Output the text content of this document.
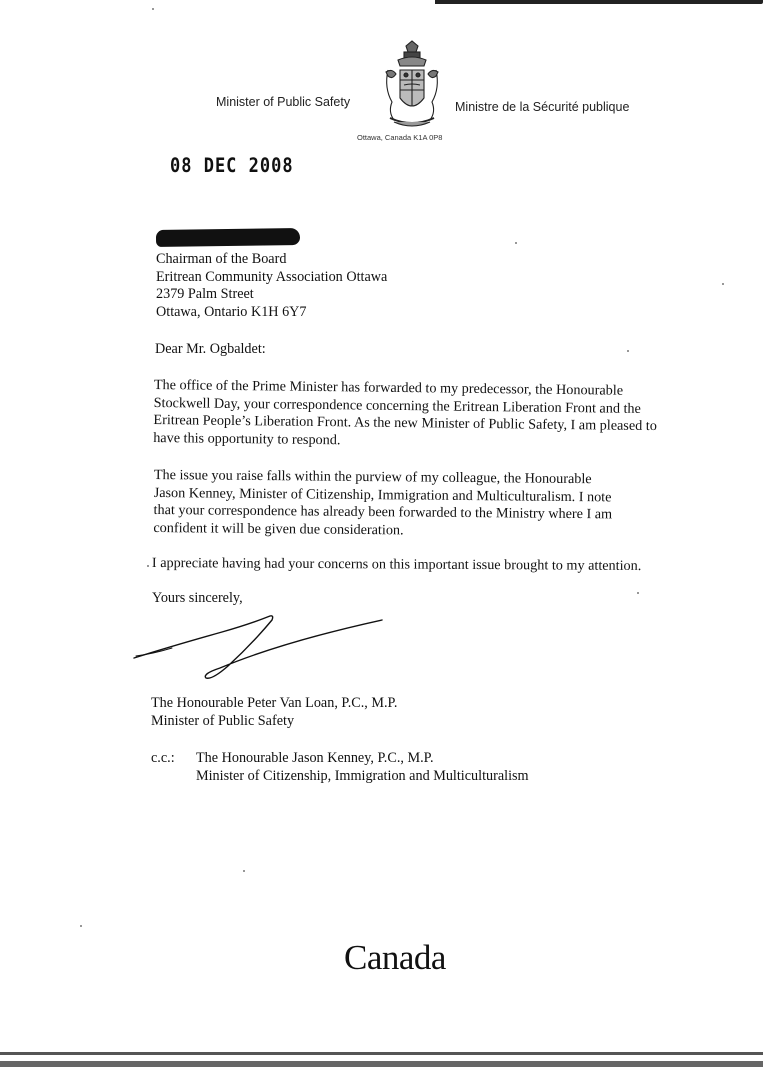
Minister of Public Safety	Ministre de la Sécurité publique
Ottawa, Canada K1A 0P8
08 DEC 2008

Chairman of the Board

Eritrean Community Association Ottawa

2379 Palm Street

Ottawa, Ontario K1H 6Y7

Dear Mr. Ogbaldet:

The office of the Prime Minister has forwarded to my predecessor, the Honourable

Stockwell Day, your correspondence concerning the Eritrean Liberation Front and the

Eritrean People’s Liberation Front. As the new Minister of Public Safety, I am pleased to

have this opportunity to respond.

The issue you raise falls within the purview of my colleague, the Honourable

Jason Kenney, Minister of Citizenship, Immigration and Multiculturalism. I note

that your correspondence has already been forwarded to the Ministry where I am

confident it will be given due consideration.

I appreciate having had your concerns on this important issue brought to my attention.
Yours sincerely,

The Honourable Peter Van Loan, P.C., M.P.

Minister of Public Safety

c.c.: The Honourable Jason Kenney, P.C., M.P.

Minister of Citizenship, Immigration and Multiculturalism

Canada
